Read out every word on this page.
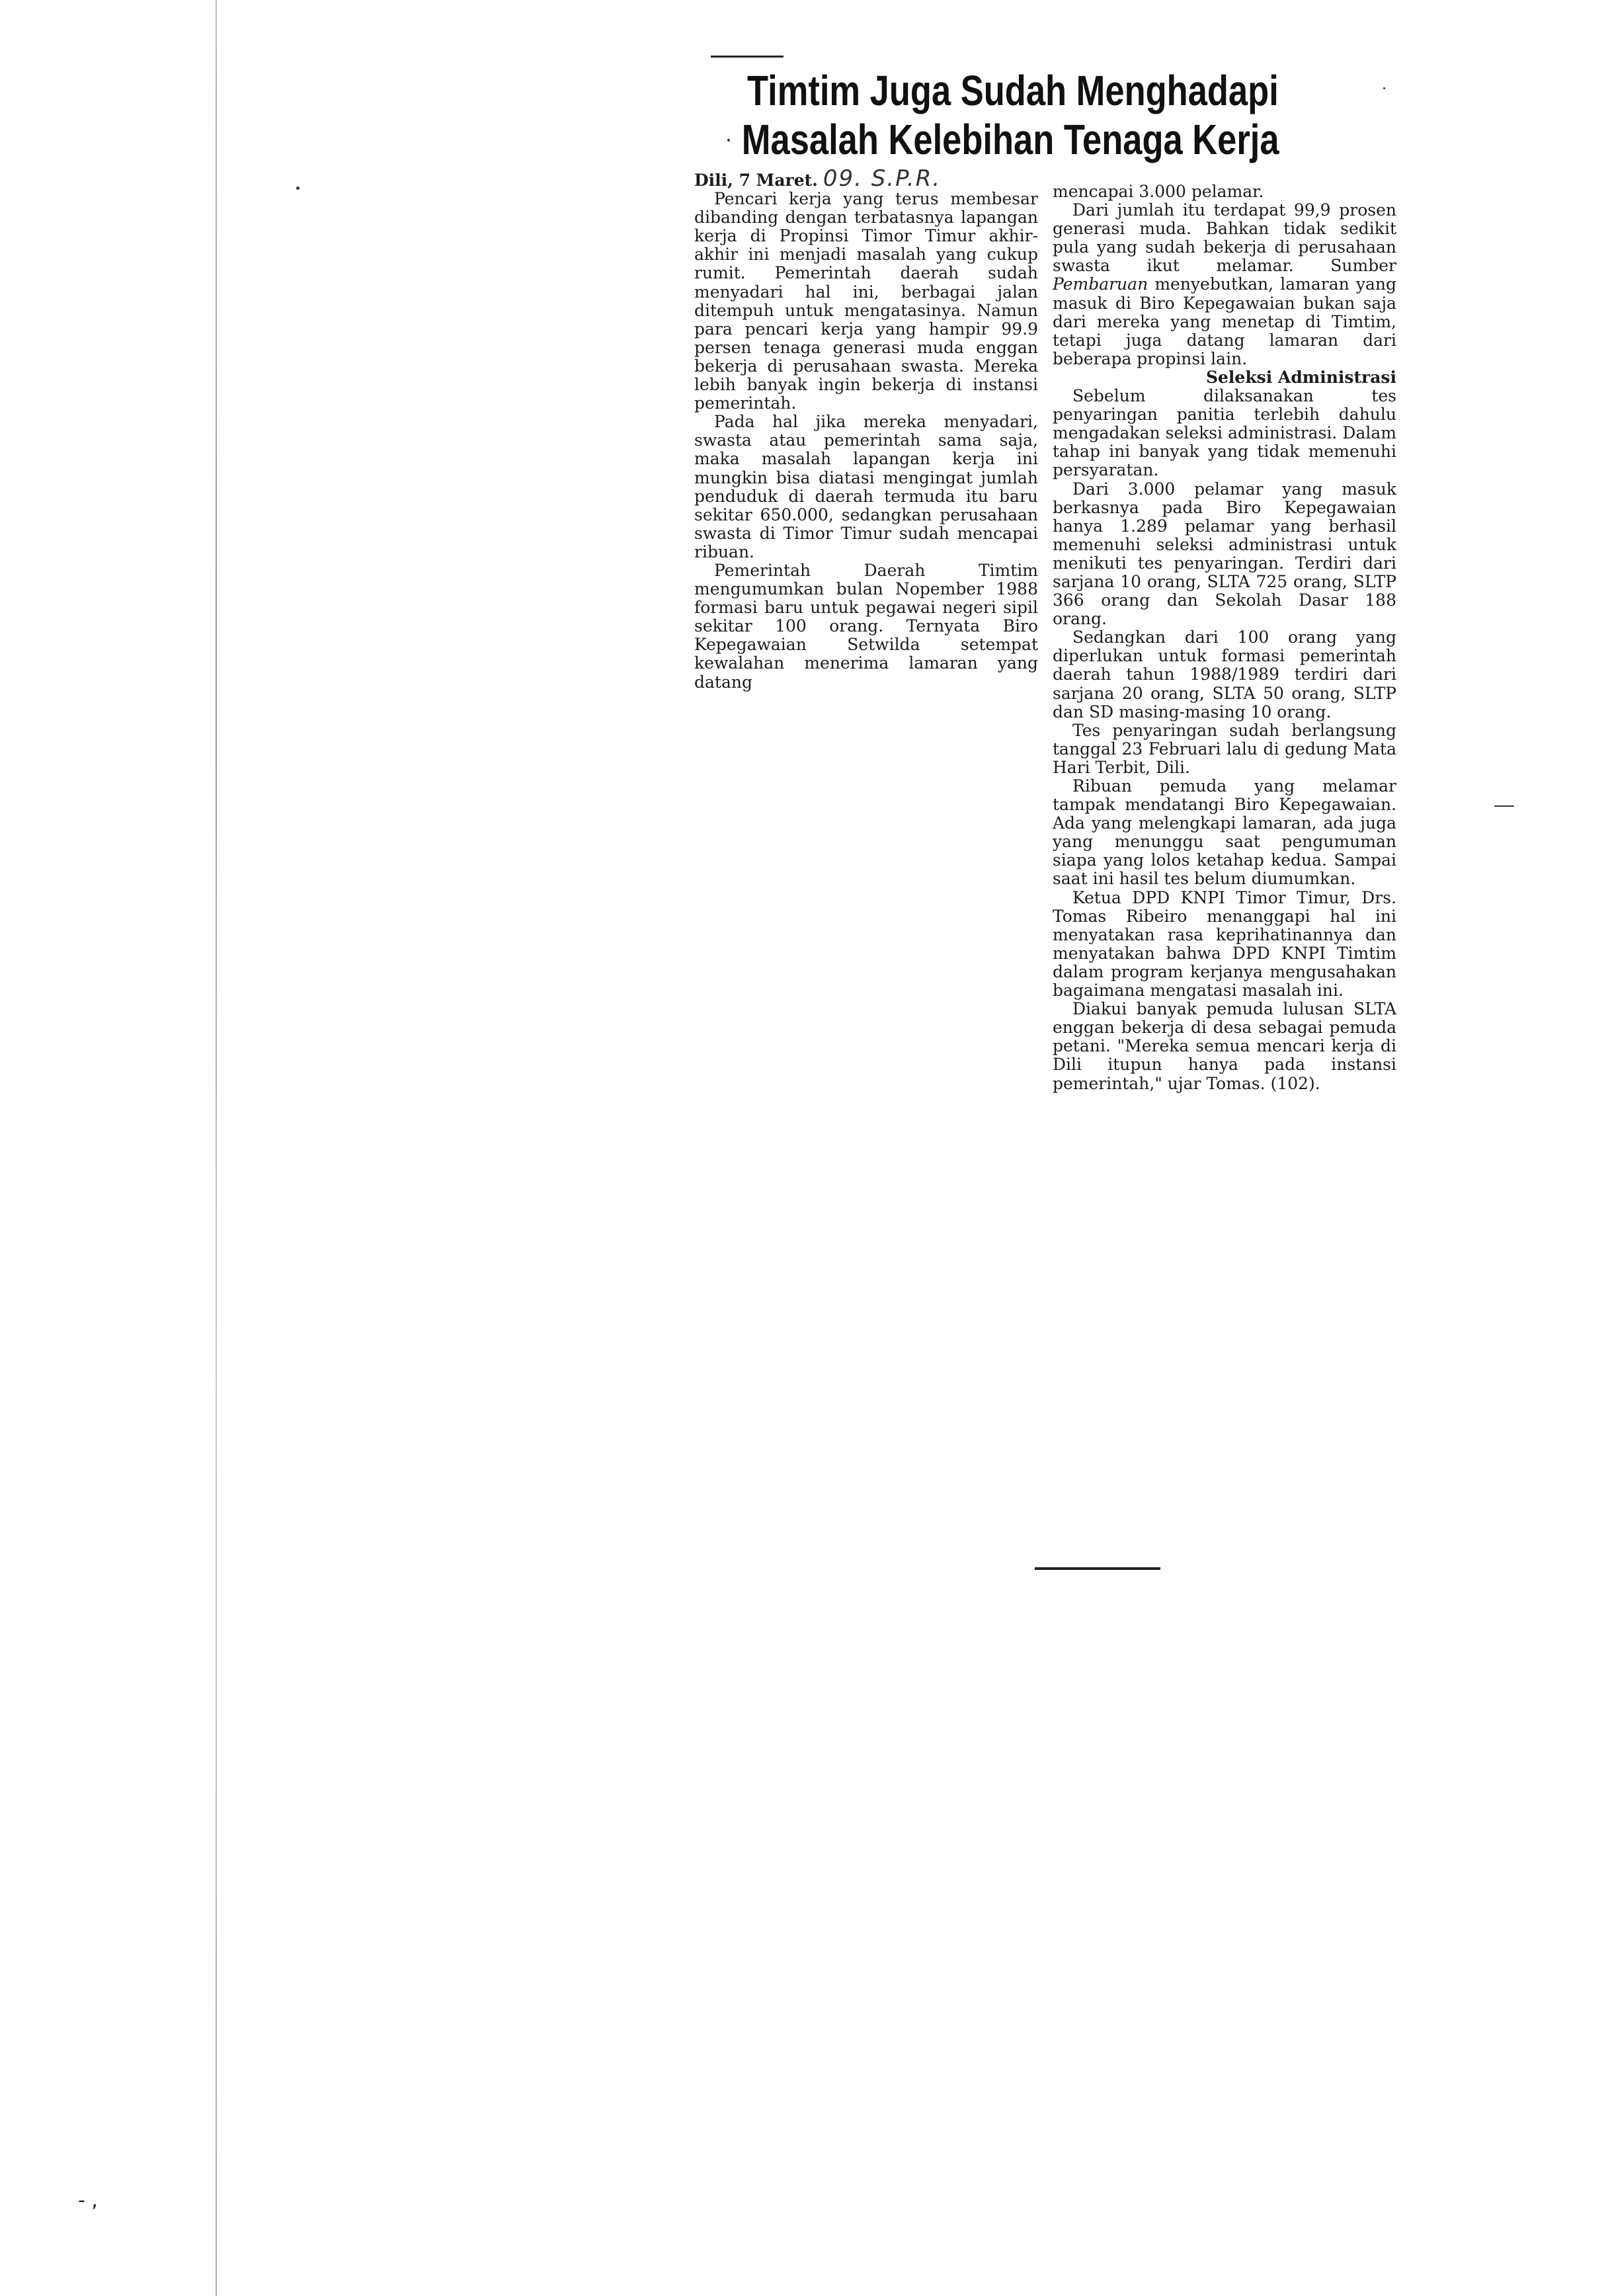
Timtim Juga Sudah Menghadapi
Masalah Kelebihan Tenaga Kerja

Dili, 7 Maret. 09. S.P.R.

Pencari kerja yang terus membesar dibanding dengan terbatasnya lapangan kerja di Propinsi Timor Timur akhir-akhir ini menjadi masalah yang cukup rumit. Pemerintah daerah sudah menyadari hal ini, berbagai jalan ditempuh untuk mengatasinya. Namun para pencari kerja yang hampir 99.9 persen tenaga generasi muda enggan bekerja di perusahaan swasta. Mereka lebih banyak ingin bekerja di instansi pemerintah.

Pada hal jika mereka menyadari, swasta atau pemerintah sama saja, maka masalah lapangan kerja ini mungkin bisa diatasi mengingat jumlah penduduk di daerah termuda itu baru sekitar 650.000, sedangkan perusahaan swasta di Timor Timur sudah mencapai ribuan.

Pemerintah Daerah Timtim mengumumkan bulan Nopember 1988 formasi baru untuk pegawai negeri sipil sekitar 100 orang. Ternyata Biro Kepegawaian Setwilda setempat kewalahan menerima lamaran yang datang

mencapai 3.000 pelamar.

Dari jumlah itu terdapat 99,9 prosen generasi muda. Bahkan tidak sedikit pula yang sudah bekerja di perusahaan swasta ikut melamar. Sumber Pembaruan menyebutkan, lamaran yang masuk di Biro Kepegawaian bukan saja dari mereka yang menetap di Timtim, tetapi juga datang lamaran dari beberapa propinsi lain.

Seleksi Administrasi

Sebelum dilaksanakan tes penyaringan panitia terlebih dahulu mengadakan seleksi administrasi. Dalam tahap ini banyak yang tidak memenuhi persyaratan.

Dari 3.000 pelamar yang masuk berkasnya pada Biro Kepegawaian hanya 1.289 pelamar yang berhasil memenuhi seleksi administrasi untuk menikuti tes penyaringan. Terdiri dari sarjana 10 orang, SLTA 725 orang, SLTP 366 orang dan Sekolah Dasar 188 orang.

Sedangkan dari 100 orang yang diperlukan untuk formasi pemerintah daerah tahun 1988/1989 terdiri dari sarjana 20 orang, SLTA 50 orang, SLTP dan SD masing-masing 10 orang.

Tes penyaringan sudah berlangsung tanggal 23 Februari lalu di gedung Mata Hari Terbit, Dili.

Ribuan pemuda yang melamar tampak mendatangi Biro Kepegawaian. Ada yang melengkapi lamaran, ada juga yang menunggu saat pengumuman siapa yang lolos ketahap kedua. Sampai saat ini hasil tes belum diumumkan.

Ketua DPD KNPI Timor Timur, Drs. Tomas Ribeiro menanggapi hal ini menyatakan rasa keprihatinannya dan menyatakan bahwa DPD KNPI Timtim dalam program kerjanya mengusahakan bagaimana mengatasi masalah ini.

Diakui banyak pemuda lulusan SLTA enggan bekerja di desa sebagai pemuda petani. "Mereka semua mencari kerja di Dili itupun hanya pada instansi pemerintah," ujar Tomas. (102).

- ,
